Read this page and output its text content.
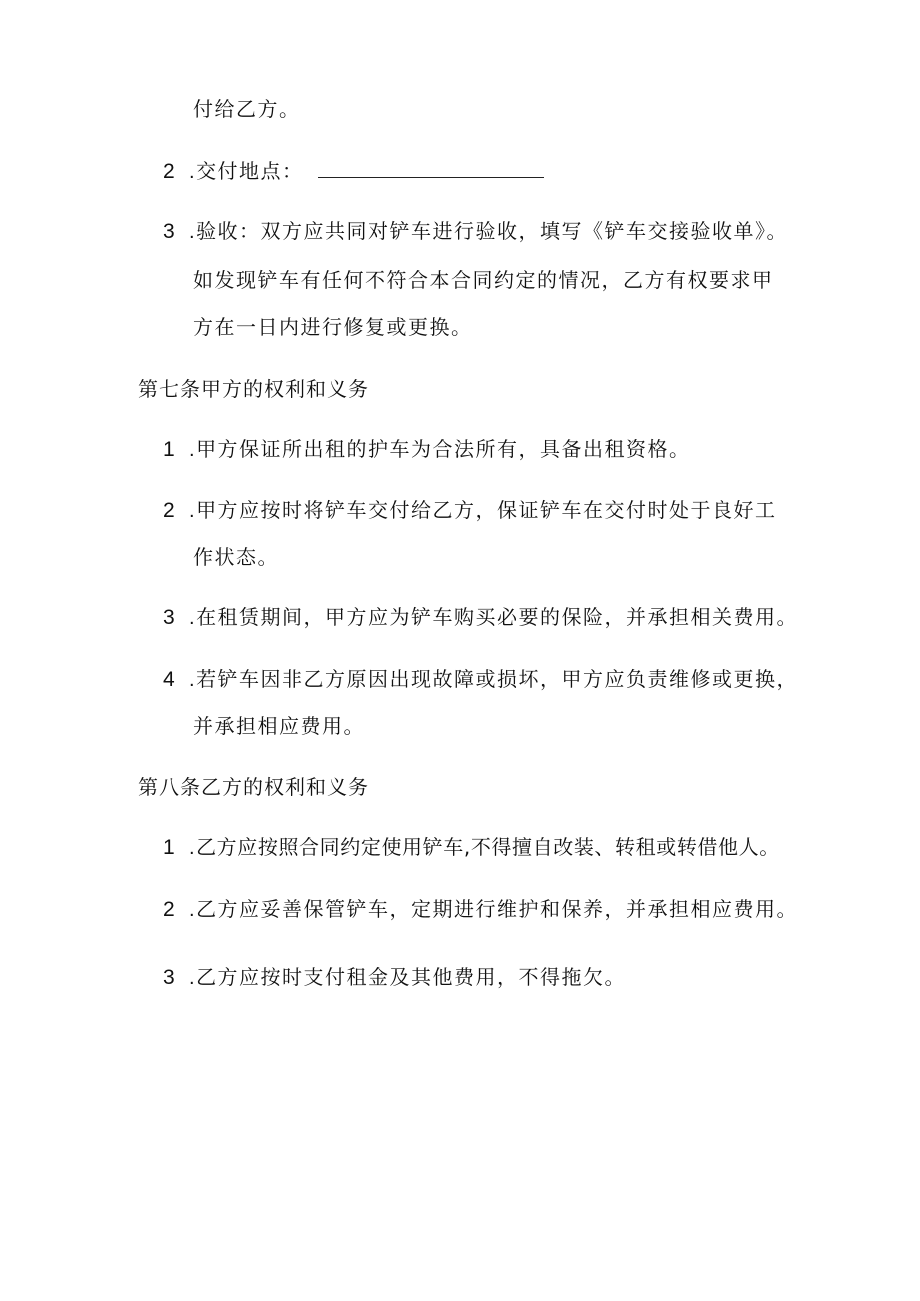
付给乙方。
2 .交付地点：
3 .验收：双方应共同对铲车进行验收，填写《铲车交接验收单》。
如发现铲车有任何不符合本合同约定的情况，乙方有权要求甲
方在一日内进行修复或更换。
第七条甲方的权利和义务
1 .甲方保证所出租的护车为合法所有，具备出租资格。
2 .甲方应按时将铲车交付给乙方，保证铲车在交付时处于良好工
作状态。
3 .在租赁期间，甲方应为铲车购买必要的保险，并承担相关费用。
4 .若铲车因非乙方原因出现故障或损坏，甲方应负责维修或更换，
并承担相应费用。
第八条乙方的权利和义务
1 .乙方应按照合同约定使用铲车,不得擅自改装、转租或转借他人。
2 .乙方应妥善保管铲车，定期进行维护和保养，并承担相应费用。
3 .乙方应按时支付租金及其他费用，不得拖欠。
